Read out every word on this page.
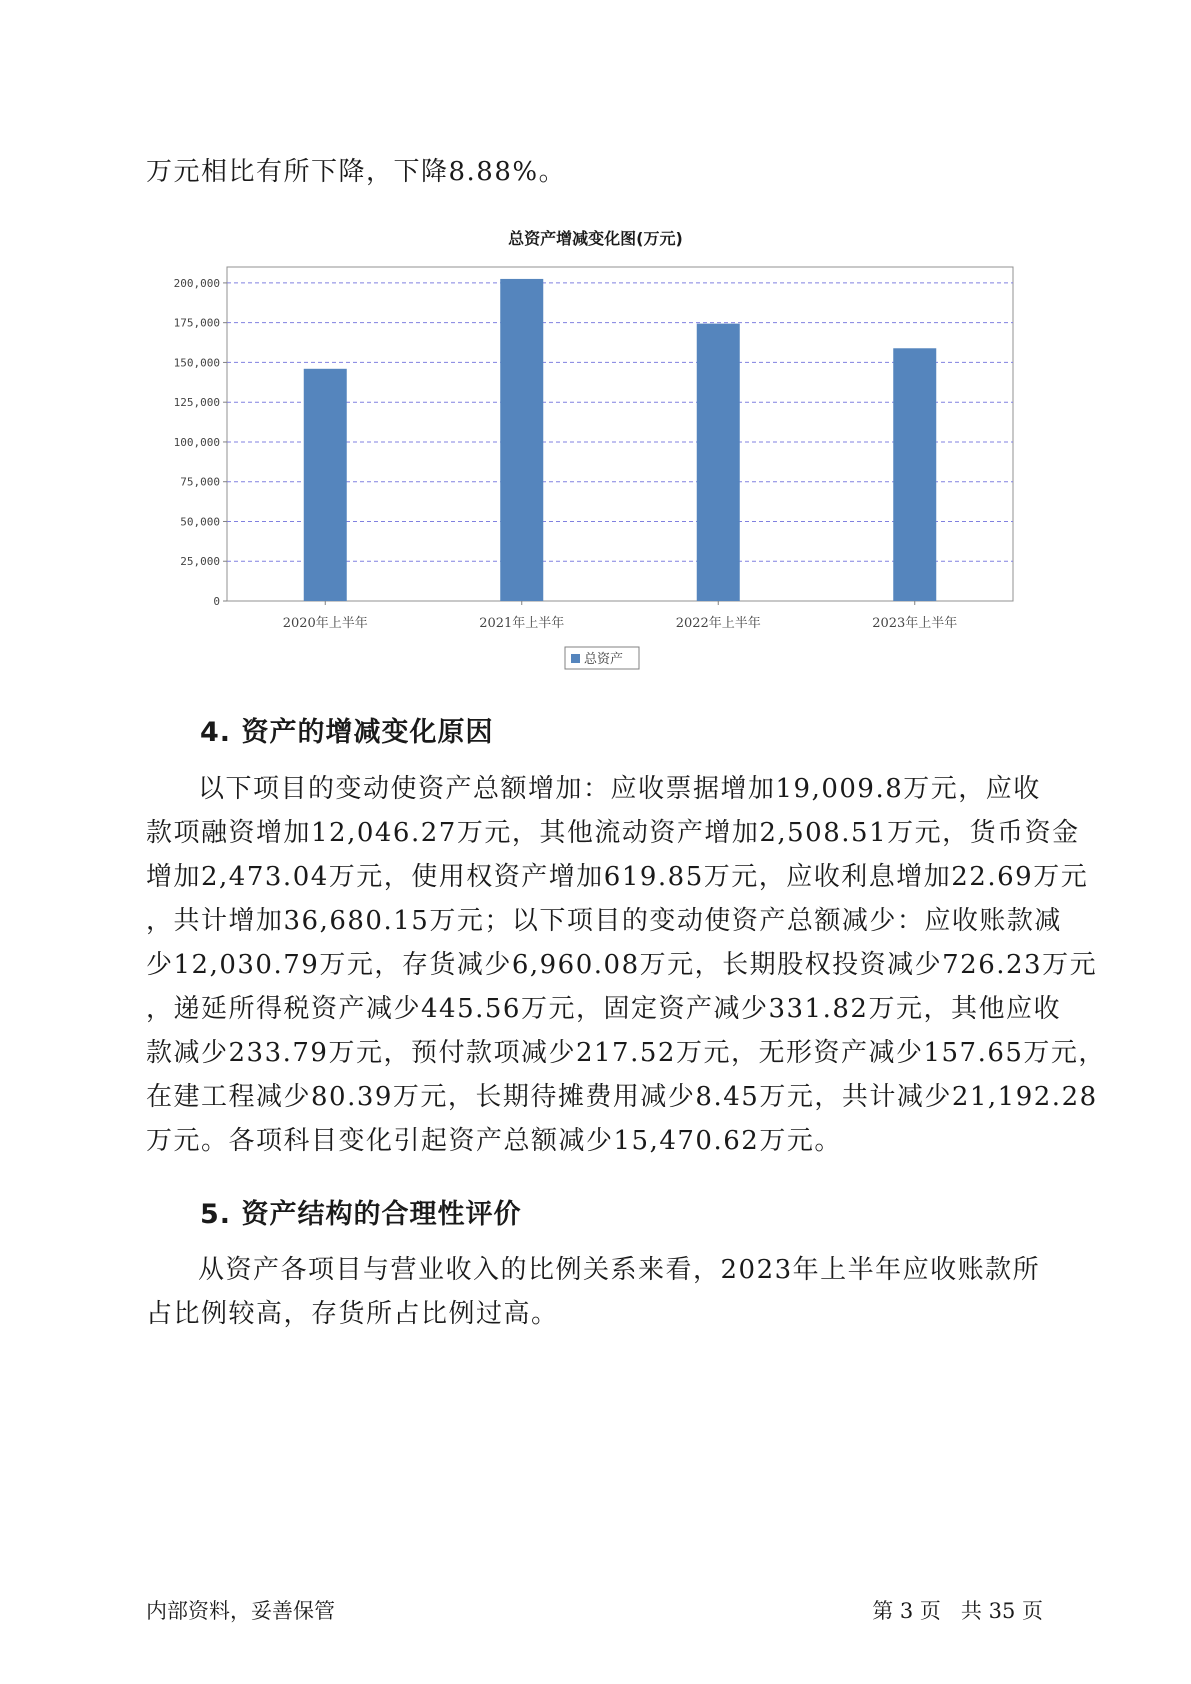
万元相比有所下降，下降8.88%。

总资产增减变化图(万元)
0
25,000
50,000
75,000
100,000
125,000
150,000
175,000
200,000
2020年上半年	2021年上半年	2022年上半年	2023年上半年
总资产
4. 资产的增减变化原因
以下项目的变动使资产总额增加：应收票据增加19,009.8万元，应收
款项融资增加12,046.27万元，其他流动资产增加2,508.51万元，货币资金
增加2,473.04万元，使用权资产增加619.85万元，应收利息增加22.69万元
，共计增加36,680.15万元；以下项目的变动使资产总额减少：应收账款减
少12,030.79万元，存货减少6,960.08万元，长期股权投资减少726.23万元
，递延所得税资产减少445.56万元，固定资产减少331.82万元，其他应收
款减少233.79万元，预付款项减少217.52万元，无形资产减少157.65万元，
在建工程减少80.39万元，长期待摊费用减少8.45万元，共计减少21,192.28
万元。各项科目变化引起资产总额减少15,470.62万元。
5. 资产结构的合理性评价
从资产各项目与营业收入的比例关系来看，2023年上半年应收账款所
占比例较高，存货所占比例过高。
内部资料，妥善保管	第 3 页   共 35 页
